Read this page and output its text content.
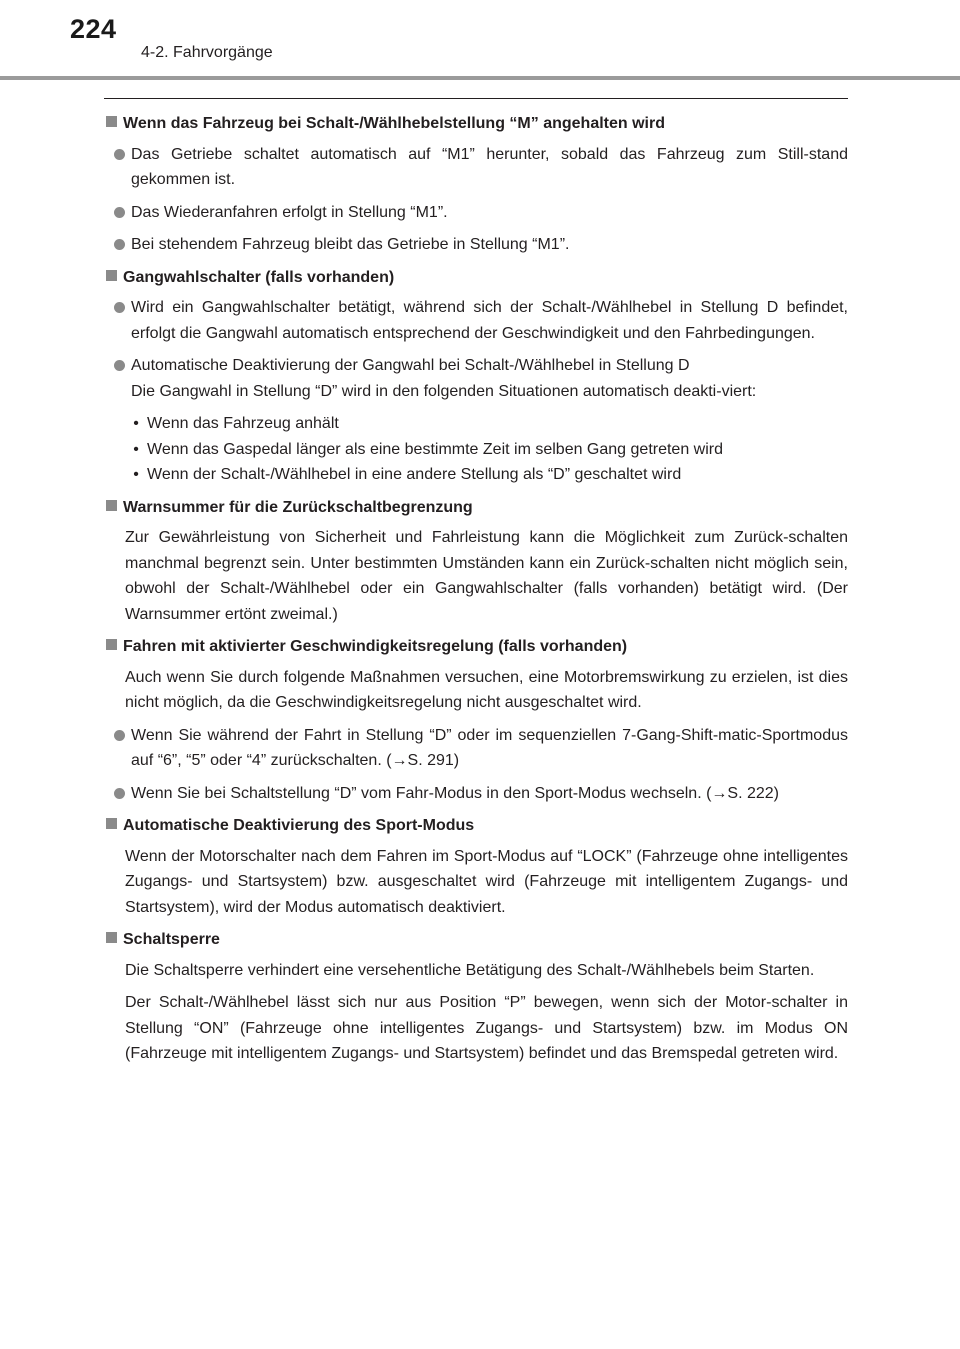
224
4-2. Fahrvorgänge
Wenn das Fahrzeug bei Schalt-/Wählhebelstellung “M” angehalten wird
Das Getriebe schaltet automatisch auf “M1” herunter, sobald das Fahrzeug zum Still-stand gekommen ist.
Das Wiederanfahren erfolgt in Stellung “M1”.
Bei stehendem Fahrzeug bleibt das Getriebe in Stellung “M1”.
Gangwahlschalter (falls vorhanden)
Wird ein Gangwahlschalter betätigt, während sich der Schalt-/Wählhebel in Stellung D befindet, erfolgt die Gangwahl automatisch entsprechend der Geschwindigkeit und den Fahrbedingungen.
Automatische Deaktivierung der Gangwahl bei Schalt-/Wählhebel in Stellung D
Die Gangwahl in Stellung “D” wird in den folgenden Situationen automatisch deakti-viert:
• Wenn das Fahrzeug anhält
• Wenn das Gaspedal länger als eine bestimmte Zeit im selben Gang getreten wird
• Wenn der Schalt-/Wählhebel in eine andere Stellung als “D” geschaltet wird
Warnsummer für die Zurückschaltbegrenzung
Zur Gewährleistung von Sicherheit und Fahrleistung kann die Möglichkeit zum Zurück-schalten manchmal begrenzt sein. Unter bestimmten Umständen kann ein Zurück-schalten nicht möglich sein, obwohl der Schalt-/Wählhebel oder ein Gangwahlschalter (falls vorhanden) betätigt wird. (Der Warnsummer ertönt zweimal.)
Fahren mit aktivierter Geschwindigkeitsregelung (falls vorhanden)
Auch wenn Sie durch folgende Maßnahmen versuchen, eine Motorbremswirkung zu erzielen, ist dies nicht möglich, da die Geschwindigkeitsregelung nicht ausgeschaltet wird.
Wenn Sie während der Fahrt in Stellung “D” oder im sequenziellen 7-Gang-Shift-matic-Sportmodus auf “6”, “5” oder “4” zurückschalten. (→S. 291)
Wenn Sie bei Schaltstellung “D” vom Fahr-Modus in den Sport-Modus wechseln. (→S. 222)
Automatische Deaktivierung des Sport-Modus
Wenn der Motorschalter nach dem Fahren im Sport-Modus auf “LOCK” (Fahrzeuge ohne intelligentes Zugangs- und Startsystem) bzw. ausgeschaltet wird (Fahrzeuge mit intelligentem Zugangs- und Startsystem), wird der Modus automatisch deaktiviert.
Schaltsperre
Die Schaltsperre verhindert eine versehentliche Betätigung des Schalt-/Wählhebels beim Starten.
Der Schalt-/Wählhebel lässt sich nur aus Position “P” bewegen, wenn sich der Motor-schalter in Stellung “ON” (Fahrzeuge ohne intelligentes Zugangs- und Startsystem) bzw. im Modus ON (Fahrzeuge mit intelligentem Zugangs- und Startsystem) befindet und das Bremspedal getreten wird.
